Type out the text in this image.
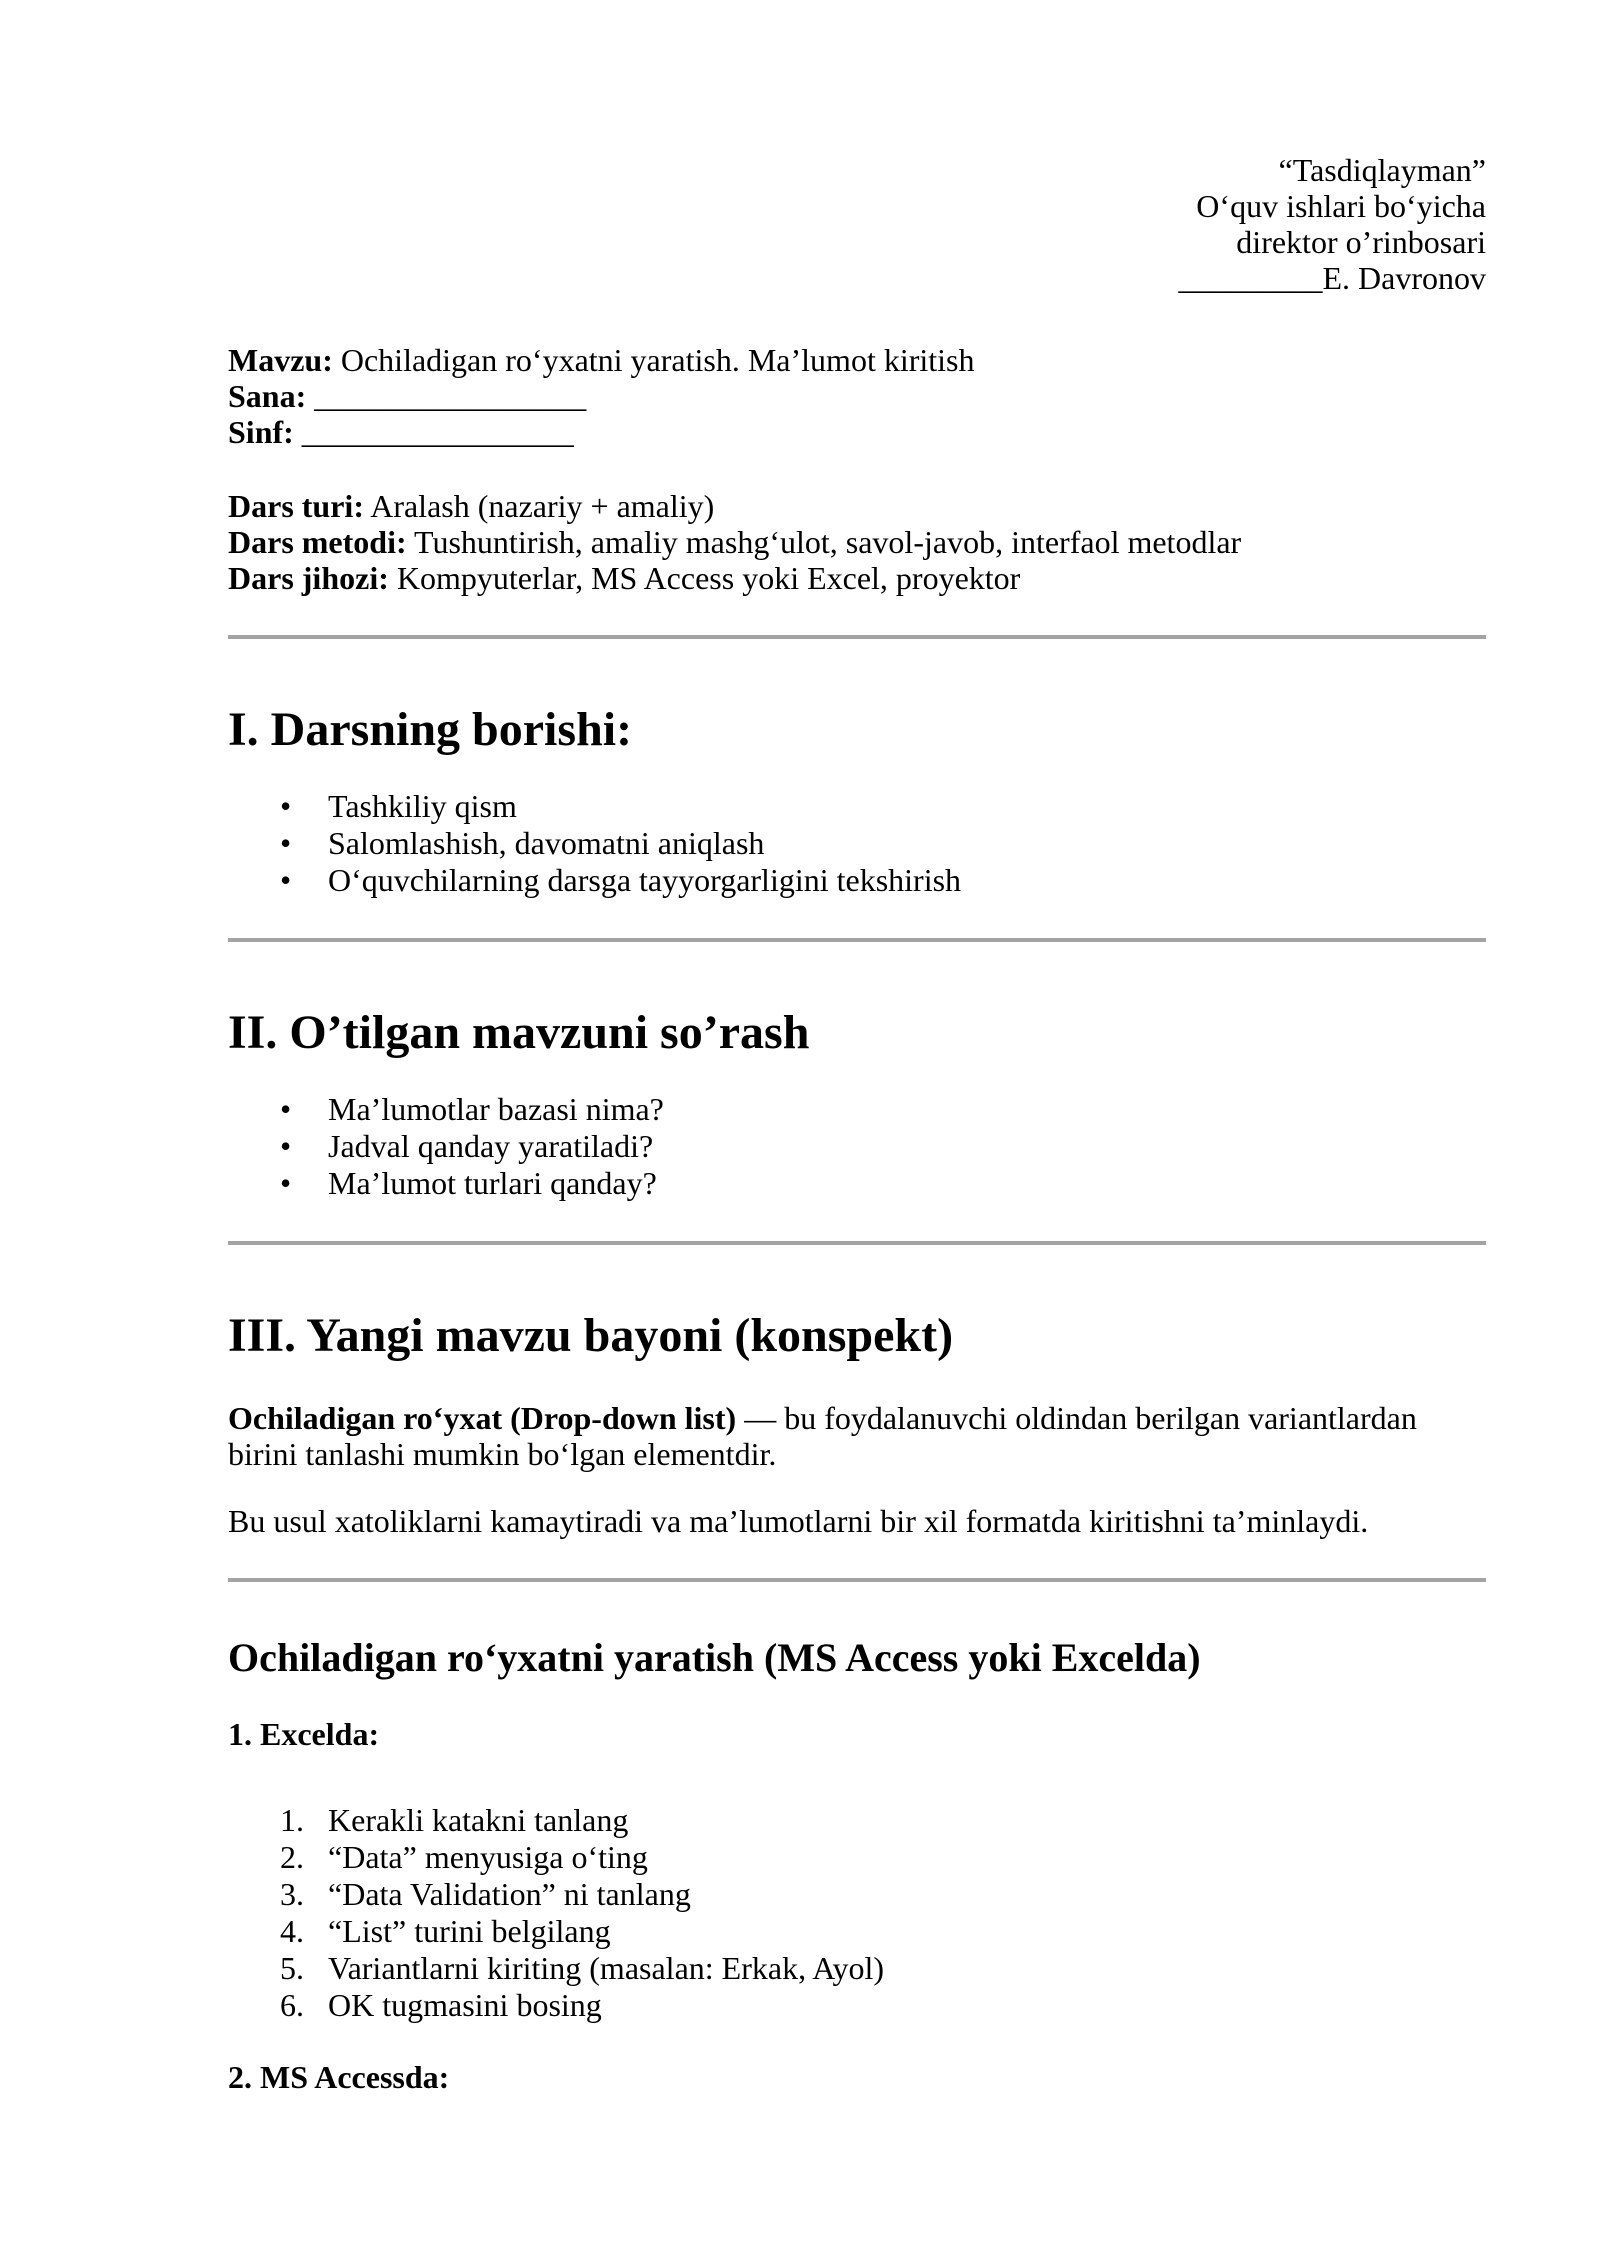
“Tasdiqlayman”
O‘quv ishlari bo‘yicha
direktor o’rinbosari
_________E. Davronov
Mavzu: Ochiladigan ro‘yxatni yaratish. Ma’lumot kiritish
Sana: _________________
Sinf: _________________
Dars turi: Aralash (nazariy + amaliy)
Dars metodi: Tushuntirish, amaliy mashg‘ulot, savol-javob, interfaol metodlar
Dars jihozi: Kompyuterlar, MS Access yoki Excel, proyektor
I. Darsning borishi:
• Tashkiliy qism
• Salomlashish, davomatni aniqlash
• O‘quvchilarning darsga tayyorgarligini tekshirish
II. O’tilgan mavzuni so’rash
• Ma’lumotlar bazasi nima?
• Jadval qanday yaratiladi?
• Ma’lumot turlari qanday?
III. Yangi mavzu bayoni (konspekt)

Ochiladigan ro‘yxat (Drop-down list) — bu foydalanuvchi oldindan berilgan variantlardan birini tanlashi mumkin bo‘lgan elementdir.

Bu usul xatoliklarni kamaytiradi va ma’lumotlarni bir xil formatda kiritishni ta’minlaydi.

Ochiladigan ro‘yxatni yaratish (MS Access yoki Excelda)
1. Excelda:
1. Kerakli katakni tanlang
2. “Data” menyusiga o‘ting
3. “Data Validation” ni tanlang
4. “List” turini belgilang
5. Variantlarni kiriting (masalan: Erkak, Ayol)
6. OK tugmasini bosing
2. MS Accessda:
